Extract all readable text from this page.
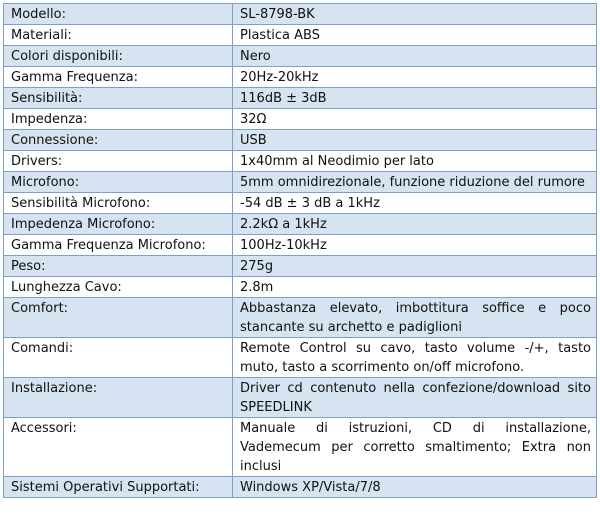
Modello:	SL-8798-BK
Materiali:	Plastica ABS
Colori disponibili:	Nero
Gamma Frequenza:	20Hz-20kHz
Sensibilità:	116dB ± 3dB
Impedenza:	32Ω
Connessione:	USB
Drivers:	1x40mm al Neodimio per lato
Microfono:	5mm omnidirezionale, funzione riduzione del rumore
Sensibilità Microfono:	-54 dB ± 3 dB a 1kHz
Impedenza Microfono:	2.2kΩ a 1kHz
Gamma Frequenza Microfono:	100Hz-10kHz
Peso:	275g
Lunghezza Cavo:	2.8m
Comfort:	Abbastanza elevato, imbottitura soffice e poco stancante su archetto e padiglioni
Comandi:	Remote Control su cavo, tasto volume -/+, tasto muto, tasto a scorrimento on/off microfono.
Installazione:	Driver cd contenuto nella confezione/download sito SPEEDLINK
Accessori:	Manuale di istruzioni, CD di installazione, Vademecum per corretto smaltimento; Extra non inclusi
Sistemi Operativi Supportati:	Windows XP/Vista/7/8
